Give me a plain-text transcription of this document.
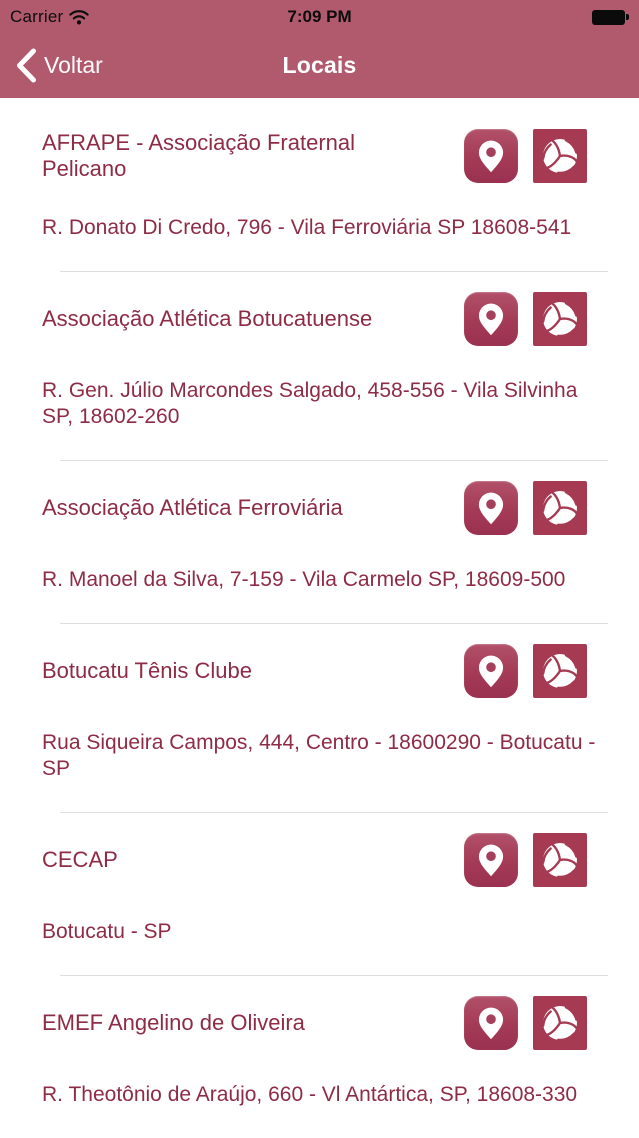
Carrier	7:09 PM
Voltar	Locais
AFRAPE - Associação Fraternal Pelicano
R. Donato Di Credo, 796 - Vila Ferroviária SP 18608-541
Associação Atlética Botucatuense
R. Gen. Júlio Marcondes Salgado, 458-556 - Vila Silvinha SP, 18602-260
Associação Atlética Ferroviária
R. Manoel da Silva, 7-159 - Vila Carmelo SP, 18609-500
Botucatu Tênis Clube
Rua Siqueira Campos, 444, Centro - 18600290 - Botucatu - SP
CECAP
Botucatu - SP
EMEF Angelino de Oliveira
R. Theotônio de Araújo, 660 - Vl Antártica, SP, 18608-330
